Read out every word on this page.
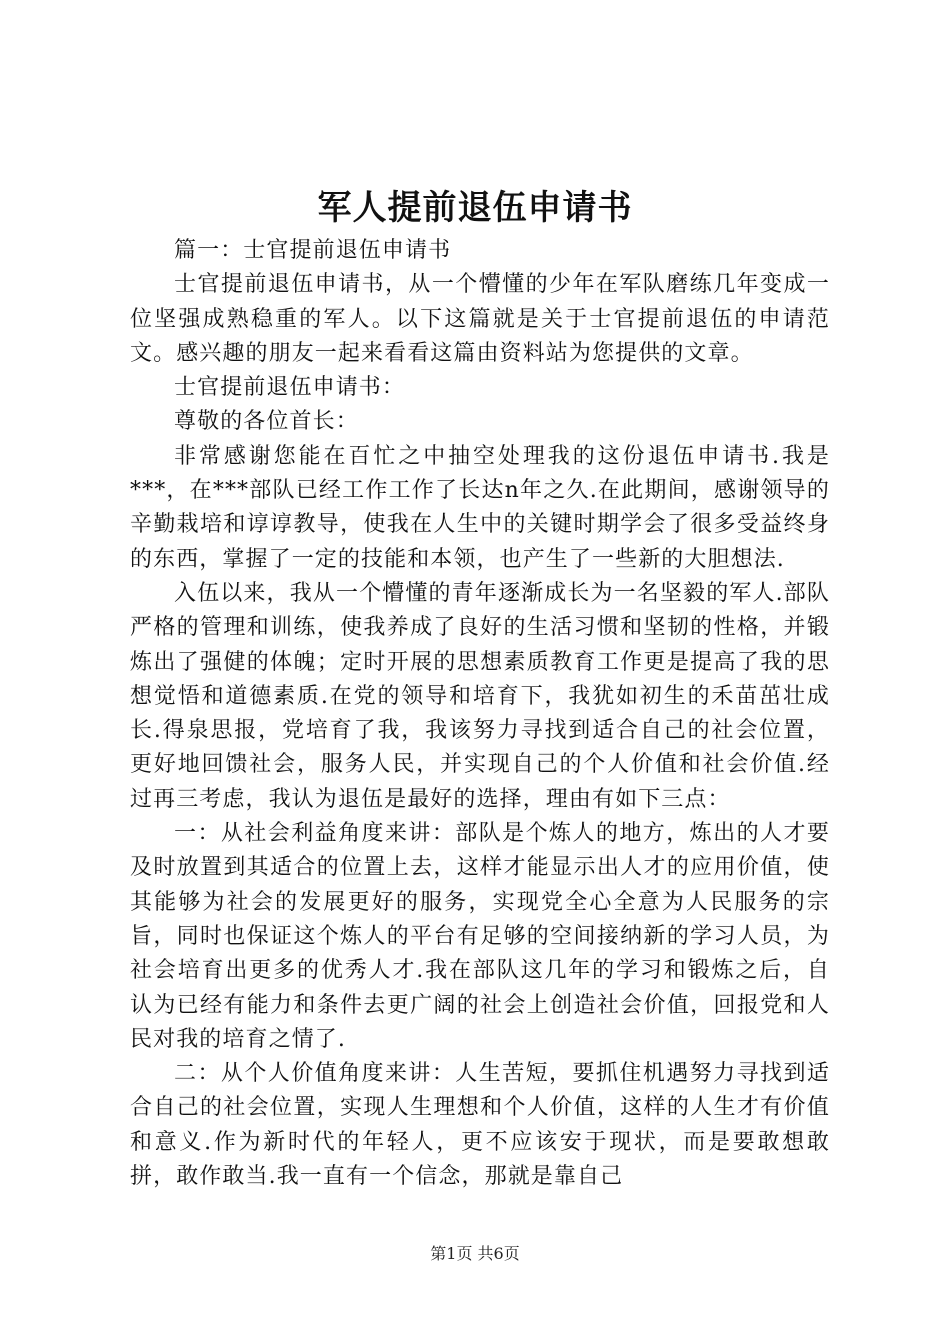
军人提前退伍申请书

篇一：士官提前退伍申请书

士官提前退伍申请书，从一个懵懂的少年在军队磨练几年变成一位坚强成熟稳重的军人。以下这篇就是关于士官提前退伍的申请范文。感兴趣的朋友一起来看看这篇由资料站为您提供的文章。

士官提前退伍申请书：

尊敬的各位首长：

非常感谢您能在百忙之中抽空处理我的这份退伍申请书.我是***，在***部队已经工作工作了长达n年之久.在此期间，感谢领导的辛勤栽培和谆谆教导，使我在人生中的关键时期学会了很多受益终身的东西，掌握了一定的技能和本领，也产生了一些新的大胆想法.

入伍以来，我从一个懵懂的青年逐渐成长为一名坚毅的军人.部队严格的管理和训练，使我养成了良好的生活习惯和坚韧的性格，并锻炼出了强健的体魄；定时开展的思想素质教育工作更是提高了我的思想觉悟和道德素质.在党的领导和培育下，我犹如初生的禾苗茁壮成长.得泉思报，党培育了我，我该努力寻找到适合自己的社会位置，更好地回馈社会，服务人民，并实现自己的个人价值和社会价值.经过再三考虑，我认为退伍是最好的选择，理由有如下三点：

一：从社会利益角度来讲：部队是个炼人的地方，炼出的人才要及时放置到其适合的位置上去，这样才能显示出人才的应用价值，使其能够为社会的发展更好的服务，实现党全心全意为人民服务的宗旨，同时也保证这个炼人的平台有足够的空间接纳新的学习人员，为社会培育出更多的优秀人才.我在部队这几年的学习和锻炼之后，自认为已经有能力和条件去更广阔的社会上创造社会价值，回报党和人民对我的培育之情了.

二：从个人价值角度来讲：人生苦短，要抓住机遇努力寻找到适合自己的社会位置，实现人生理想和个人价值，这样的人生才有价值和意义.作为新时代的年轻人，更不应该安于现状，而是要敢想敢拼，敢作敢当.我一直有一个信念，那就是靠自己

第1页 共6页
